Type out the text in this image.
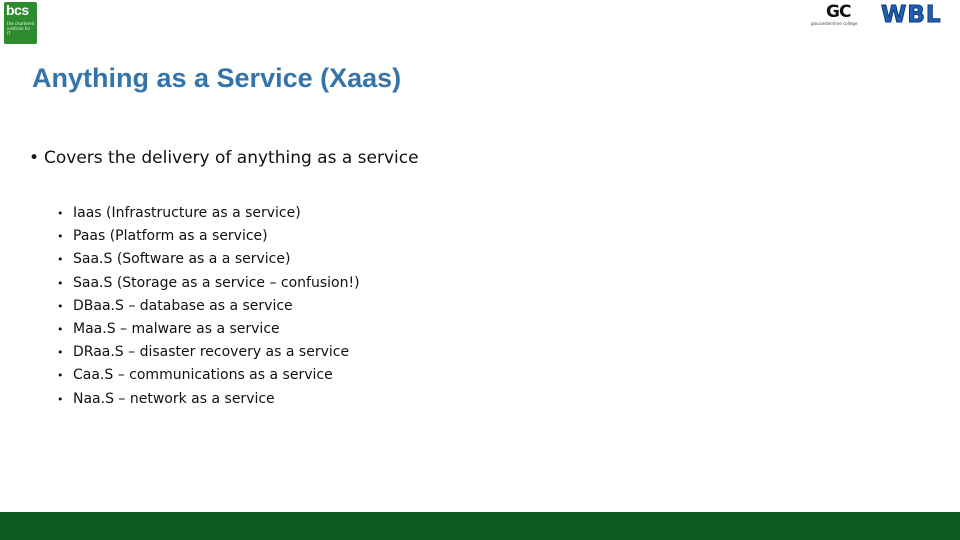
bcs
the chartered institute for IT
GC
gloucestershire college	WBL
Anything as a Service (Xaas)
• Covers the delivery of anything as a service
• Iaas (Infrastructure as a service)
• Paas (Platform as a service)
• Saa.S (Software as a a service)
• Saa.S (Storage as a service – confusion!)
• DBaa.S – database as a service
• Maa.S – malware as a service
• DRaa.S – disaster recovery as a service
• Caa.S – communications as a service
• Naa.S – network as a service
